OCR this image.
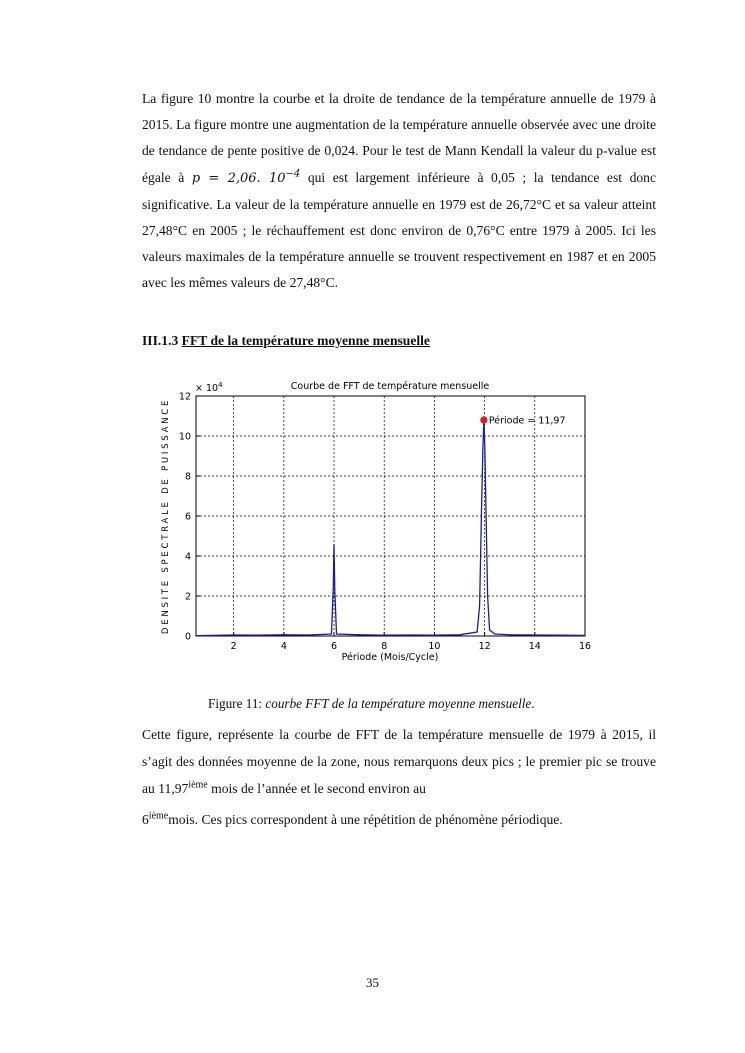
La figure 10 montre la courbe et la droite de tendance de la température annuelle de 1979 à 2015. La figure montre une augmentation de la température annuelle observée avec une droite de tendance de pente positive de 0,024. Pour le test de Mann Kendall la valeur du p-value est égale à p = 2,06. $10^{-4}$ qui est largement inférieure à 0,05 ; la tendance est donc significative. La valeur de la température annuelle en 1979 est de 26,72°C et sa valeur atteint 27,48°C en 2005 ; le réchauffement est donc environ de 0,76°C entre 1979 à 2005. Ici les valeurs maximales de la température annuelle se trouvent respectivement en 1987 et en 2005 avec les mêmes valeurs de 27,48°C.

III.1.3 FFT de la température moyenne mensuelle

2	4	6	8	10	12	14	16
0
2
4
6
8
10
12
Période = 11,97
Courbe de FFT de température mensuelle
× $10^4$
Période (Mois/Cycle)
DENSITE SPECTRALE DE PUISSANCE

Figure 11: courbe FFT de la température moyenne mensuelle.

Cette figure, représente la courbe de FFT de la température mensuelle de 1979 à 2015, il s’agit des données moyenne de la zone, nous remarquons deux pics ; le premier pic se trouve au 11,97ième mois de l’année et le second environ au
6ièmemois. Ces pics correspondent à une répétition de phénomène périodique.

35
